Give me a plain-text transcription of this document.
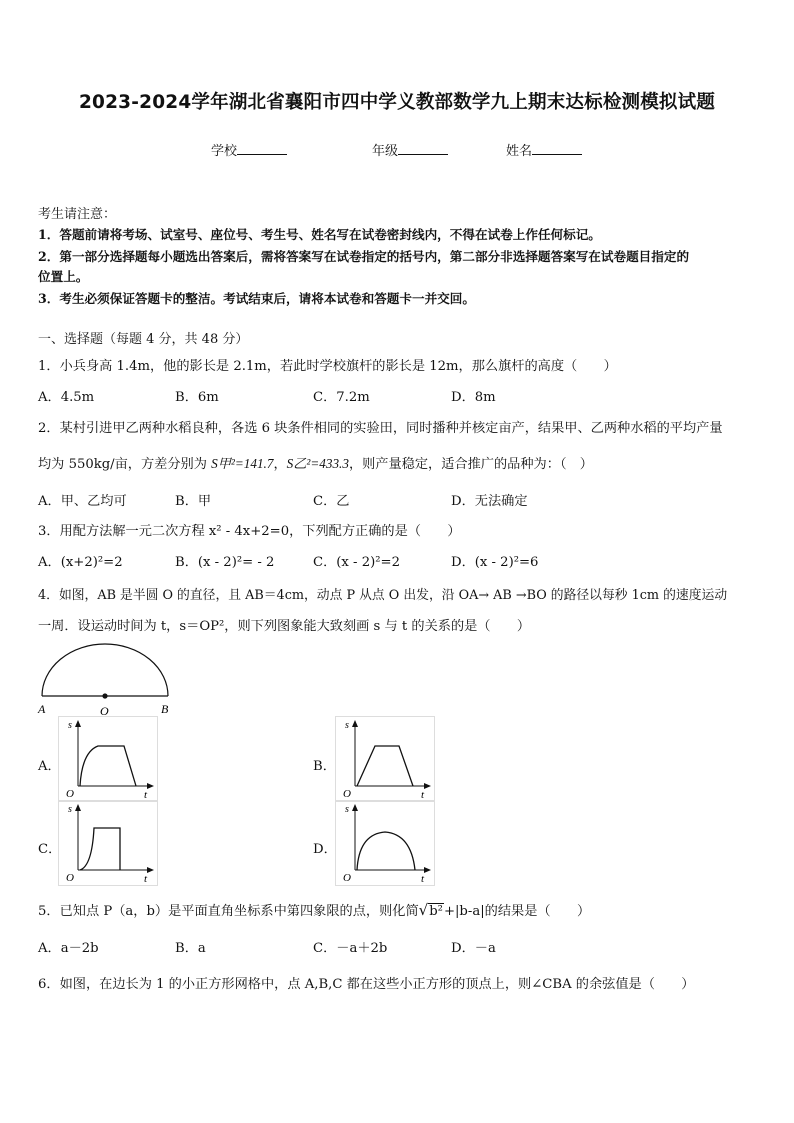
2023-2024学年湖北省襄阳市四中学义教部数学九上期末达标检测模拟试题
学校	年级	姓名
考生请注意：
1．答题前请将考场、试室号、座位号、考生号、姓名写在试卷密封线内，不得在试卷上作任何标记。
2．第一部分选择题每小题选出答案后，需将答案写在试卷指定的括号内，第二部分非选择题答案写在试卷题目指定的
位置上。
3．考生必须保证答题卡的整洁。考试结束后，请将本试卷和答题卡一并交回。
一、选择题（每题 4 分，共 48 分）
1．小兵身高 1.4m，他的影长是 2.1m，若此时学校旗杆的影长是 12m，那么旗杆的高度（　　）
A．4.5m	B．6m	C．7.2m	D．8m
2．某村引进甲乙两种水稻良种，各选 6 块条件相同的实验田，同时播种并核定亩产，结果甲、乙两种水稻的平均产量
均为 550kg/亩，方差分别为 S甲²=141.7，S乙²=433.3，则产量稳定，适合推广的品种为：（　）
A．甲、乙均可	B．甲	C．乙	D．无法确定
3．用配方法解一元二次方程 x² - 4x+2=0，下列配方正确的是（　　）
A．(x+2)²=2	B．(x - 2)²= - 2	C．(x - 2)²=2	D．(x - 2)²=6
4．如图，AB 是半圆 O 的直径，且 AB＝4cm，动点 P 从点 O 出发，沿 OA→ AB →BO 的路径以每秒 1cm 的速度运动
一周．设运动时间为 t，s＝OP²，则下列图象能大致刻画 s 与 t 的关系的是（　　）
A	O	B
A．
s
O	t
B．
s
O	t
C．
s
O	t
D．
s
O	t
5．已知点 P（a，b）是平面直角坐标系中第四象限的点，则化简√b²+|b-a|的结果是（　　）
A．a－2b	B．a	C．－a＋2b	D．－a
6．如图，在边长为 1 的小正方形网格中，点 A,B,C 都在这些小正方形的顶点上，则∠CBA 的余弦值是（　　）
